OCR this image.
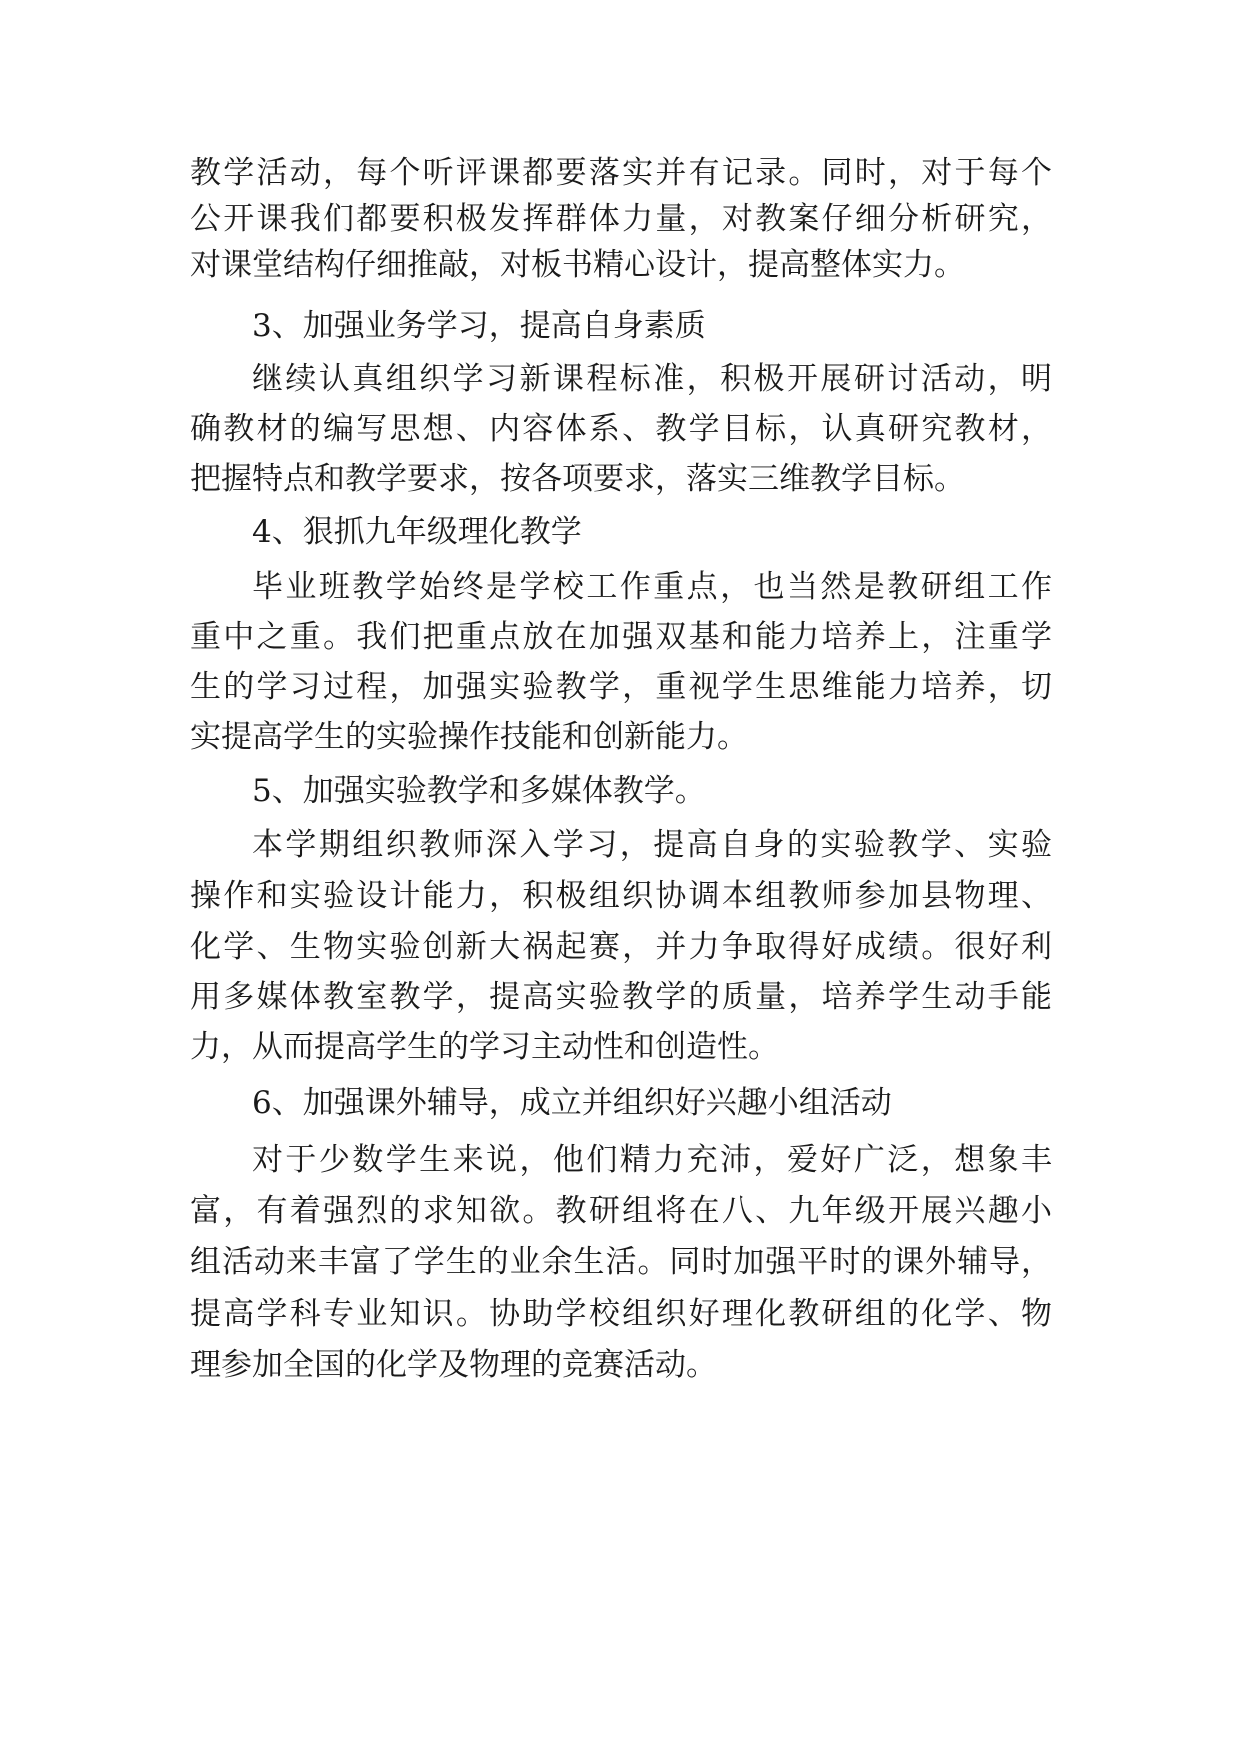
教学活动，每个听评课都要落实并有记录。同时，对于每个
公开课我们都要积极发挥群体力量，对教案仔细分析研究，
对课堂结构仔细推敲，对板书精心设计，提高整体实力。
3、加强业务学习，提高自身素质
继续认真组织学习新课程标准，积极开展研讨活动，明
确教材的编写思想、内容体系、教学目标，认真研究教材，
把握特点和教学要求，按各项要求，落实三维教学目标。
4、狠抓九年级理化教学
毕业班教学始终是学校工作重点，也当然是教研组工作
重中之重。我们把重点放在加强双基和能力培养上，注重学
生的学习过程，加强实验教学，重视学生思维能力培养，切
实提高学生的实验操作技能和创新能力。
5、加强实验教学和多媒体教学。
本学期组织教师深入学习，提高自身的实验教学、实验
操作和实验设计能力，积极组织协调本组教师参加县物理、
化学、生物实验创新大祸起赛，并力争取得好成绩。很好利
用多媒体教室教学，提高实验教学的质量，培养学生动手能
力，从而提高学生的学习主动性和创造性。
6、加强课外辅导，成立并组织好兴趣小组活动
对于少数学生来说，他们精力充沛，爱好广泛，想象丰
富，有着强烈的求知欲。教研组将在八、九年级开展兴趣小
组活动来丰富了学生的业余生活。同时加强平时的课外辅导，
提高学科专业知识。协助学校组织好理化教研组的化学、物
理参加全国的化学及物理的竞赛活动。
